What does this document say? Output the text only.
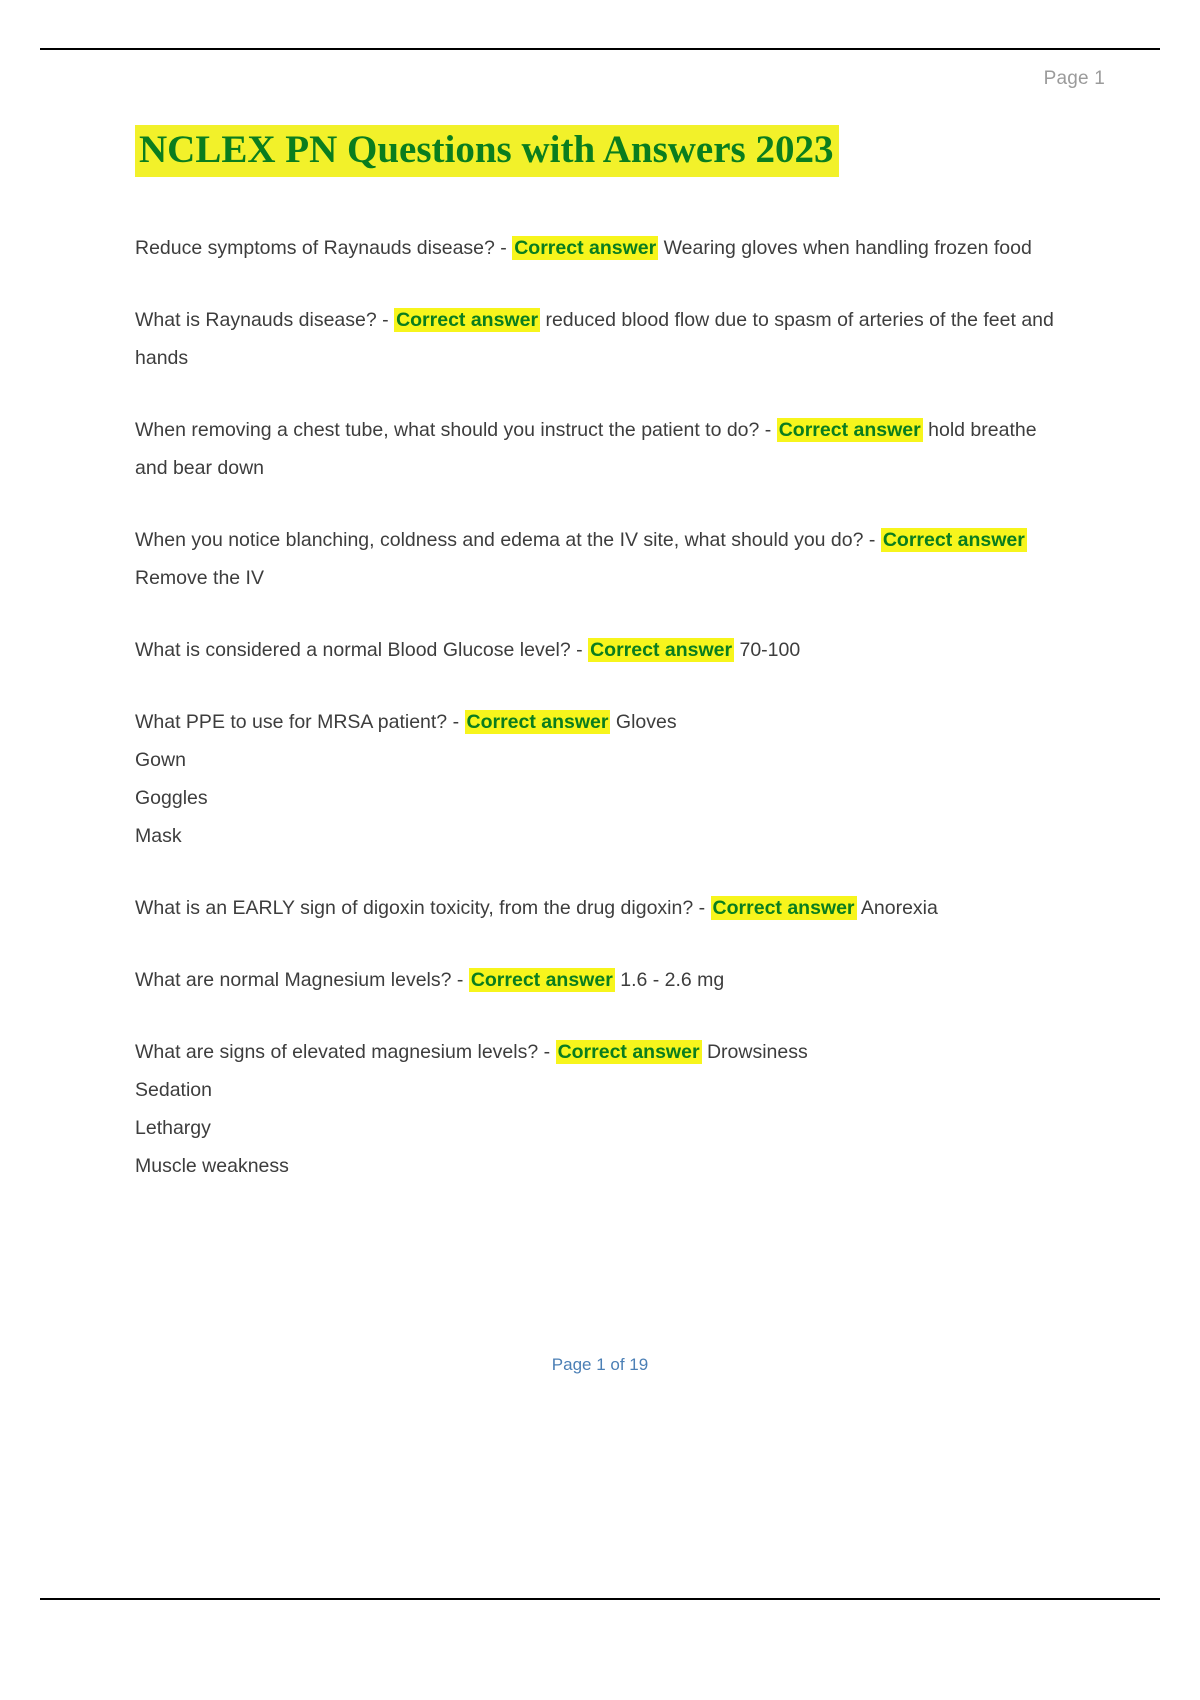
Page 1
NCLEX PN Questions with Answers 2023

Reduce symptoms of Raynauds disease? - Correct answer Wearing gloves when handling frozen food

What is Raynauds disease? - Correct answer reduced blood flow due to spasm of arteries of the feet and hands

When removing a chest tube, what should you instruct the patient to do? - Correct answer hold breathe and bear down

When you notice blanching, coldness and edema at the IV site, what should you do? - Correct answer Remove the IV

What is considered a normal Blood Glucose level? - Correct answer 70-100

What PPE to use for MRSA patient? - Correct answer Gloves
Gown
Goggles
Mask

What is an EARLY sign of digoxin toxicity, from the drug digoxin? - Correct answer Anorexia

What are normal Magnesium levels? - Correct answer 1.6 - 2.6 mg

What are signs of elevated magnesium levels? - Correct answer Drowsiness
Sedation
Lethargy
Muscle weakness

Page 1 of 19
